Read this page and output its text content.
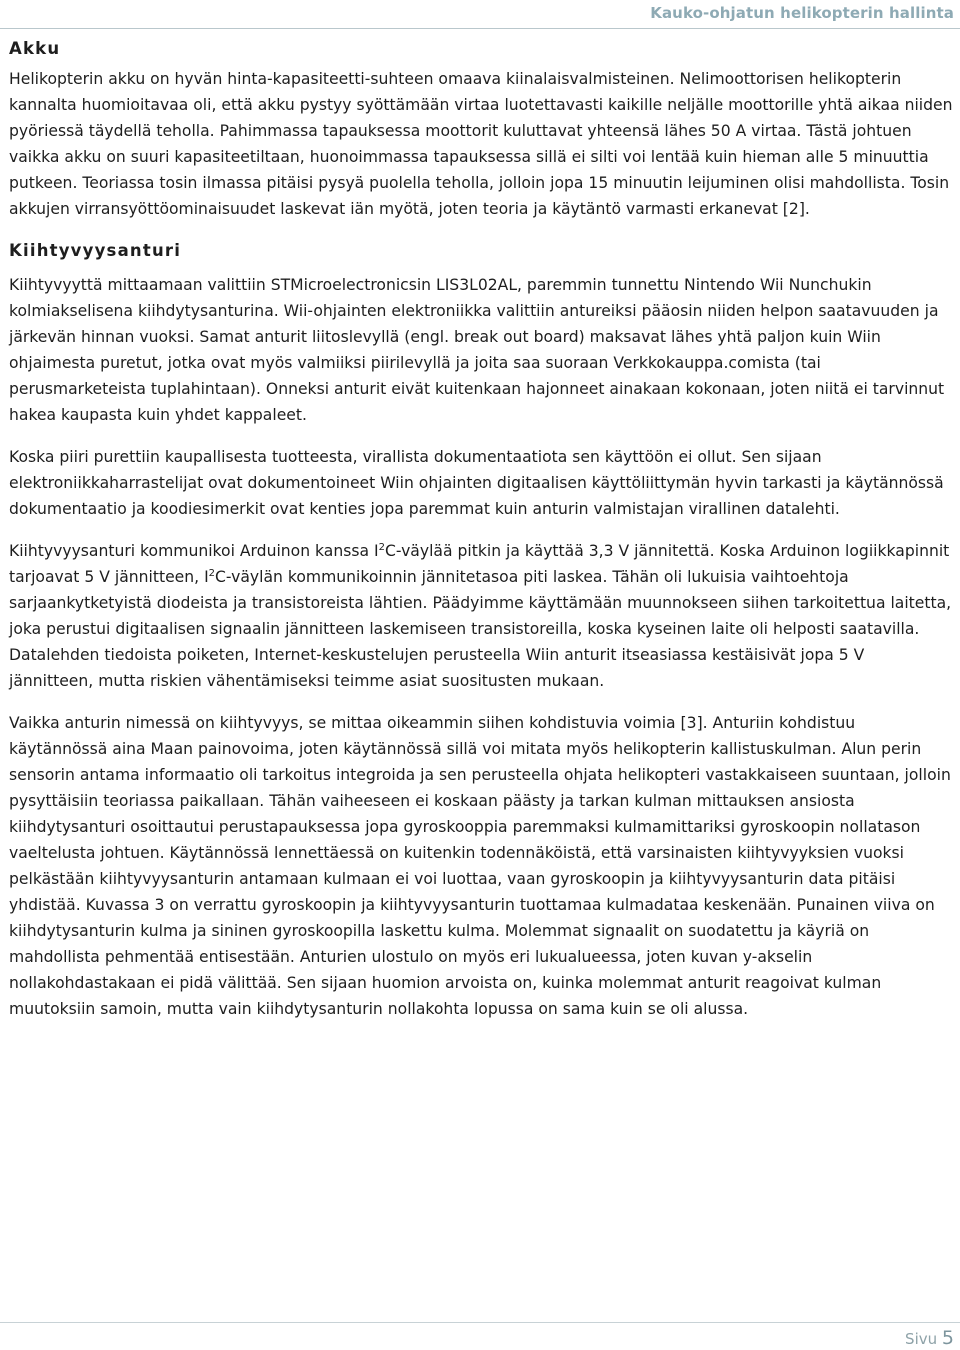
Kauko-ohjatun helikopterin hallinta
Akku

Helikopterin akku on hyvän hinta-kapasiteetti-suhteen omaava kiinalaisvalmisteinen. Nelimoottorisen helikopterin kannalta huomioitavaa oli, että akku pystyy syöttämään virtaa luotettavasti kaikille neljälle moottorille yhtä aikaa niiden pyöriessä täydellä teholla. Pahimmassa tapauksessa moottorit kuluttavat yhteensä lähes 50 A virtaa. Tästä johtuen vaikka akku on suuri kapasiteetiltaan, huonoimmassa tapauksessa sillä ei silti voi lentää kuin hieman alle 5 minuuttia putkeen. Teoriassa tosin ilmassa pitäisi pysyä puolella teholla, jolloin jopa 15 minuutin leijuminen olisi mahdollista. Tosin akkujen virransyöttöominaisuudet laskevat iän myötä, joten teoria ja käytäntö varmasti erkanevat [2].

Kiihtyvyysanturi

Kiihtyvyyttä mittaamaan valittiin STMicroelectronicsin LIS3L02AL, paremmin tunnettu Nintendo Wii Nunchukin kolmiakselisena kiihdytysanturina. Wii-ohjainten elektroniikka valittiin antureiksi pääosin niiden helpon saatavuuden ja järkevän hinnan vuoksi. Samat anturit liitoslevyllä (engl. break out board) maksavat lähes yhtä paljon kuin Wiin ohjaimesta puretut, jotka ovat myös valmiiksi piirilevyllä ja joita saa suoraan Verkkokauppa.comista (tai perusmarketeista tuplahintaan). Onneksi anturit eivät kuitenkaan hajonneet ainakaan kokonaan, joten niitä ei tarvinnut hakea kaupasta kuin yhdet kappaleet.

Koska piiri purettiin kaupallisesta tuotteesta, virallista dokumentaatiota sen käyttöön ei ollut. Sen sijaan elektroniikkaharrastelijat ovat dokumentoineet Wiin ohjainten digitaalisen käyttöliittymän hyvin tarkasti ja käytännössä dokumentaatio ja koodiesimerkit ovat kenties jopa paremmat kuin anturin valmistajan virallinen datalehti.

Kiihtyvyysanturi kommunikoi Arduinon kanssa $I^2C$-väylää pitkin ja käyttää 3,3 V jännitettä. Koska Arduinon logiikkapinnit tarjoavat 5 V jännitteen, $I^2C$-väylän kommunikoinnin jännitetasoa piti laskea. Tähän oli lukuisia vaihtoehtoja sarjaankytketyistä diodeista ja transistoreista lähtien. Päädyimme käyttämään muunnokseen siihen tarkoitettua laitetta, joka perustui digitaalisen signaalin jännitteen laskemiseen transistoreilla, koska kyseinen laite oli helposti saatavilla. Datalehden tiedoista poiketen, Internet-keskustelujen perusteella Wiin anturit itseasiassa kestäisivät jopa 5 V jännitteen, mutta riskien vähentämiseksi teimme asiat suositusten mukaan.

Vaikka anturin nimessä on kiihtyvyys, se mittaa oikeammin siihen kohdistuvia voimia [3]. Anturiin kohdistuu käytännössä aina Maan painovoima, joten käytännössä sillä voi mitata myös helikopterin kallistuskulman. Alun perin sensorin antama informaatio oli tarkoitus integroida ja sen perusteella ohjata helikopteri vastakkaiseen suuntaan, jolloin pysyttäisiin teoriassa paikallaan. Tähän vaiheeseen ei koskaan päästy ja tarkan kulman mittauksen ansiosta kiihdytysanturi osoittautui perustapauksessa jopa gyroskooppia paremmaksi kulmamittariksi gyroskoopin nollatason vaeltelusta johtuen. Käytännössä lennettäessä on kuitenkin todennäköistä, että varsinaisten kiihtyvyyksien vuoksi pelkästään kiihtyvyysanturin antamaan kulmaan ei voi luottaa, vaan gyroskoopin ja kiihtyvyysanturin data pitäisi yhdistää. Kuvassa 3 on verrattu gyroskoopin ja kiihtyvyysanturin tuottamaa kulmadataa keskenään. Punainen viiva on kiihdytysanturin kulma ja sininen gyroskoopilla laskettu kulma. Molemmat signaalit on suodatettu ja käyriä on mahdollista pehmentää entisestään. Anturien ulostulo on myös eri lukualueessa, joten kuvan y-akselin nollakohdastakaan ei pidä välittää. Sen sijaan huomion arvoista on, kuinka molemmat anturit reagoivat kulman muutoksiin samoin, mutta vain kiihdytysanturin nollakohta lopussa on sama kuin se oli alussa.

Sivu 5
